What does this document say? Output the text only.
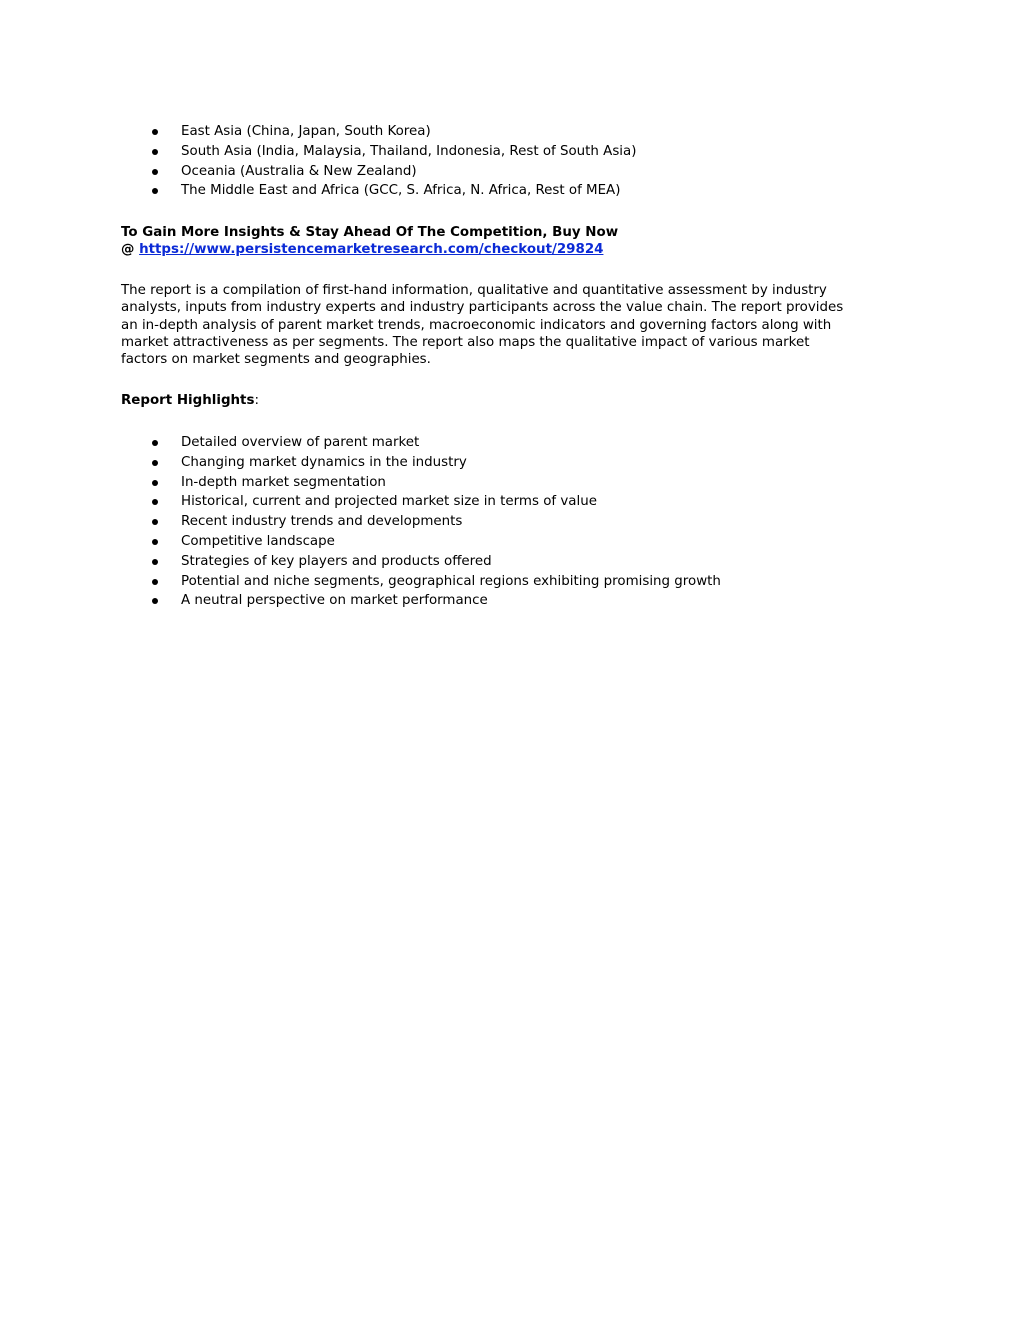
East Asia (China, Japan, South Korea)
South Asia (India, Malaysia, Thailand, Indonesia, Rest of South Asia)
Oceania (Australia & New Zealand)
The Middle East and Africa (GCC, S. Africa, N. Africa, Rest of MEA)
To Gain More Insights & Stay Ahead Of The Competition, Buy Now
@ https://www.persistencemarketresearch.com/checkout/29824
The report is a compilation of first-hand information, qualitative and quantitative assessment by industry
analysts, inputs from industry experts and industry participants across the value chain. The report provides
an in-depth analysis of parent market trends, macroeconomic indicators and governing factors along with
market attractiveness as per segments. The report also maps the qualitative impact of various market
factors on market segments and geographies.
Report Highlights:
Detailed overview of parent market
Changing market dynamics in the industry
In-depth market segmentation
Historical, current and projected market size in terms of value
Recent industry trends and developments
Competitive landscape
Strategies of key players and products offered
Potential and niche segments, geographical regions exhibiting promising growth
A neutral perspective on market performance
